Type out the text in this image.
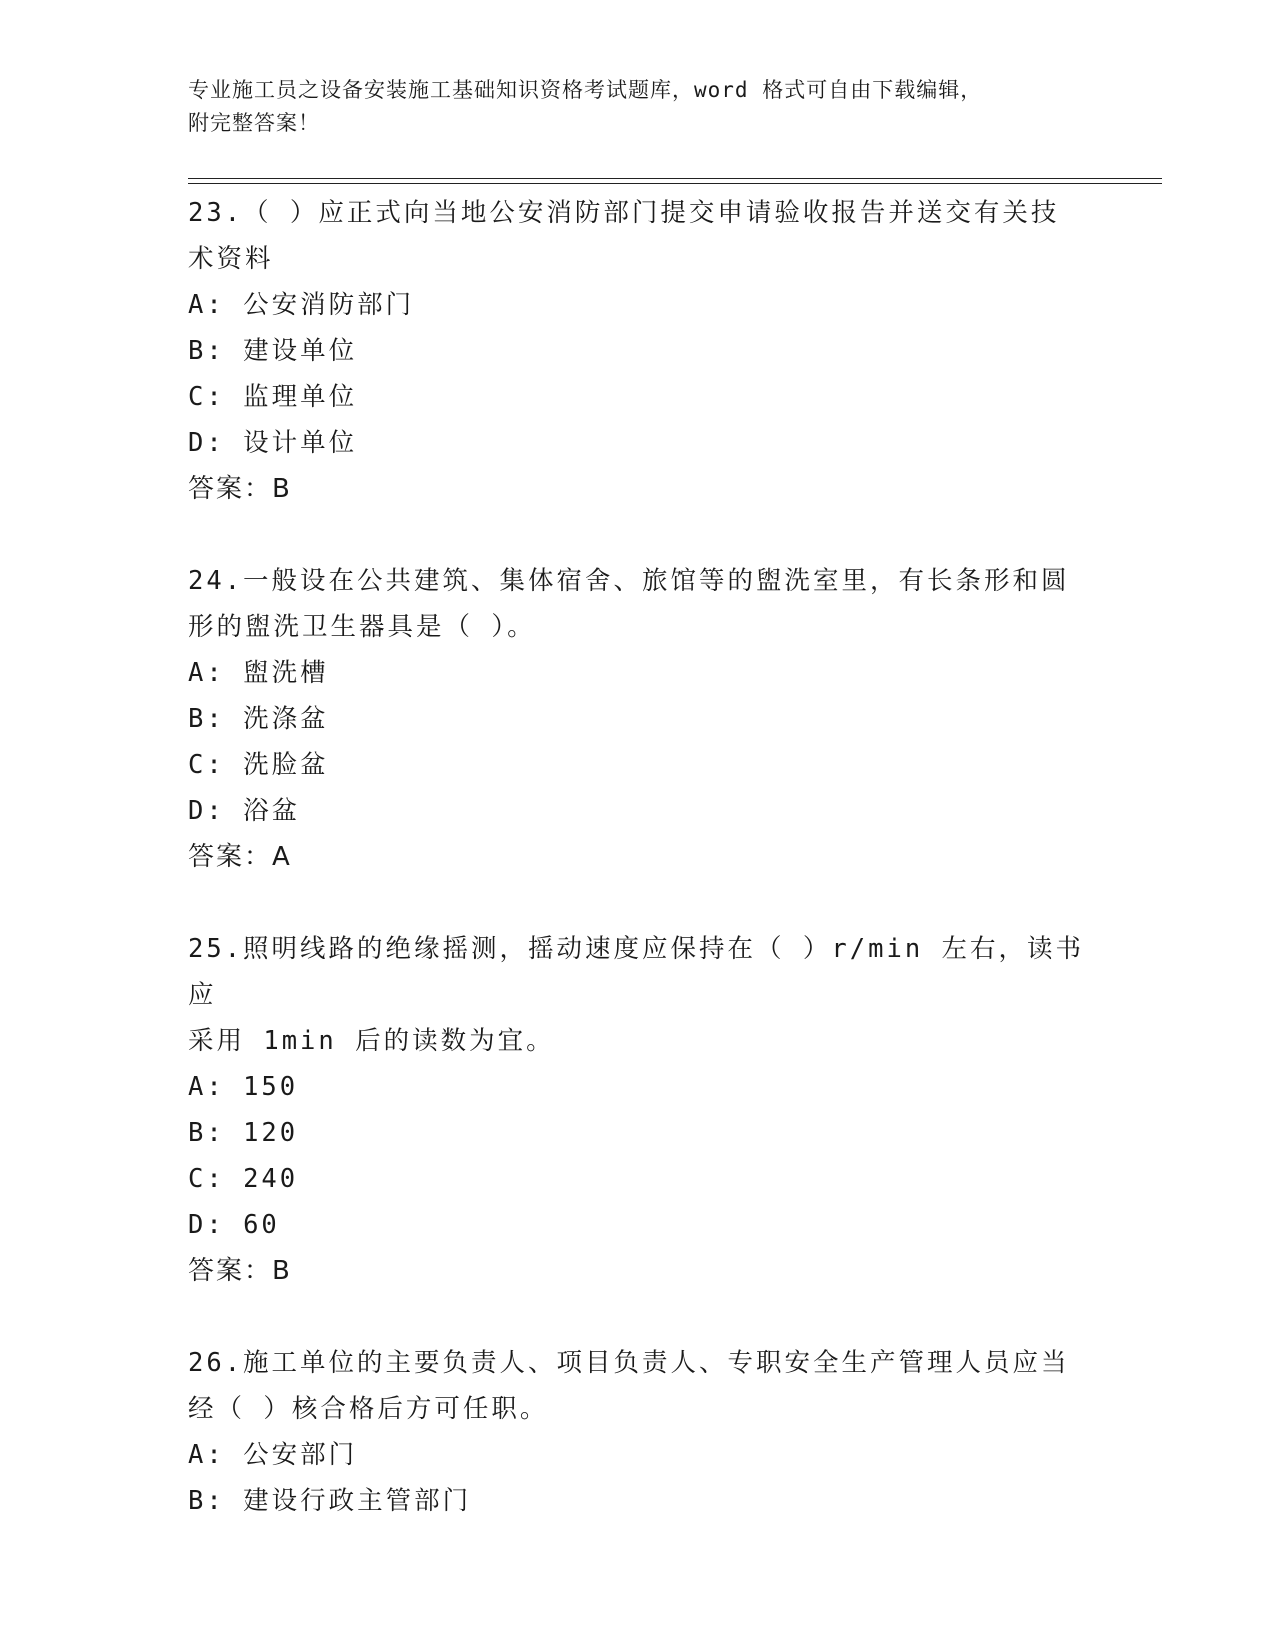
专业施工员之设备安装施工基础知识资格考试题库，word 格式可自由下载编辑，
附完整答案！

23.（ ）应正式向当地公安消防部门提交申请验收报告并送交有关技

术资料

A: 公安消防部门

B: 建设单位

C: 监理单位

D: 设计单位

答案：B

24.一般设在公共建筑、集体宿舍、旅馆等的盥洗室里，有长条形和圆

形的盥洗卫生器具是（ ）。

A: 盥洗槽

B: 洗涤盆

C: 洗脸盆

D: 浴盆

答案：A

25.照明线路的绝缘摇测，摇动速度应保持在（ ）r/min 左右，读书应

采用 1min 后的读数为宜。

A: 150

B: 120

C: 240

D: 60

答案：B

26.施工单位的主要负责人、项目负责人、专职安全生产管理人员应当

经（ ）核合格后方可任职。

A: 公安部门

B: 建设行政主管部门
